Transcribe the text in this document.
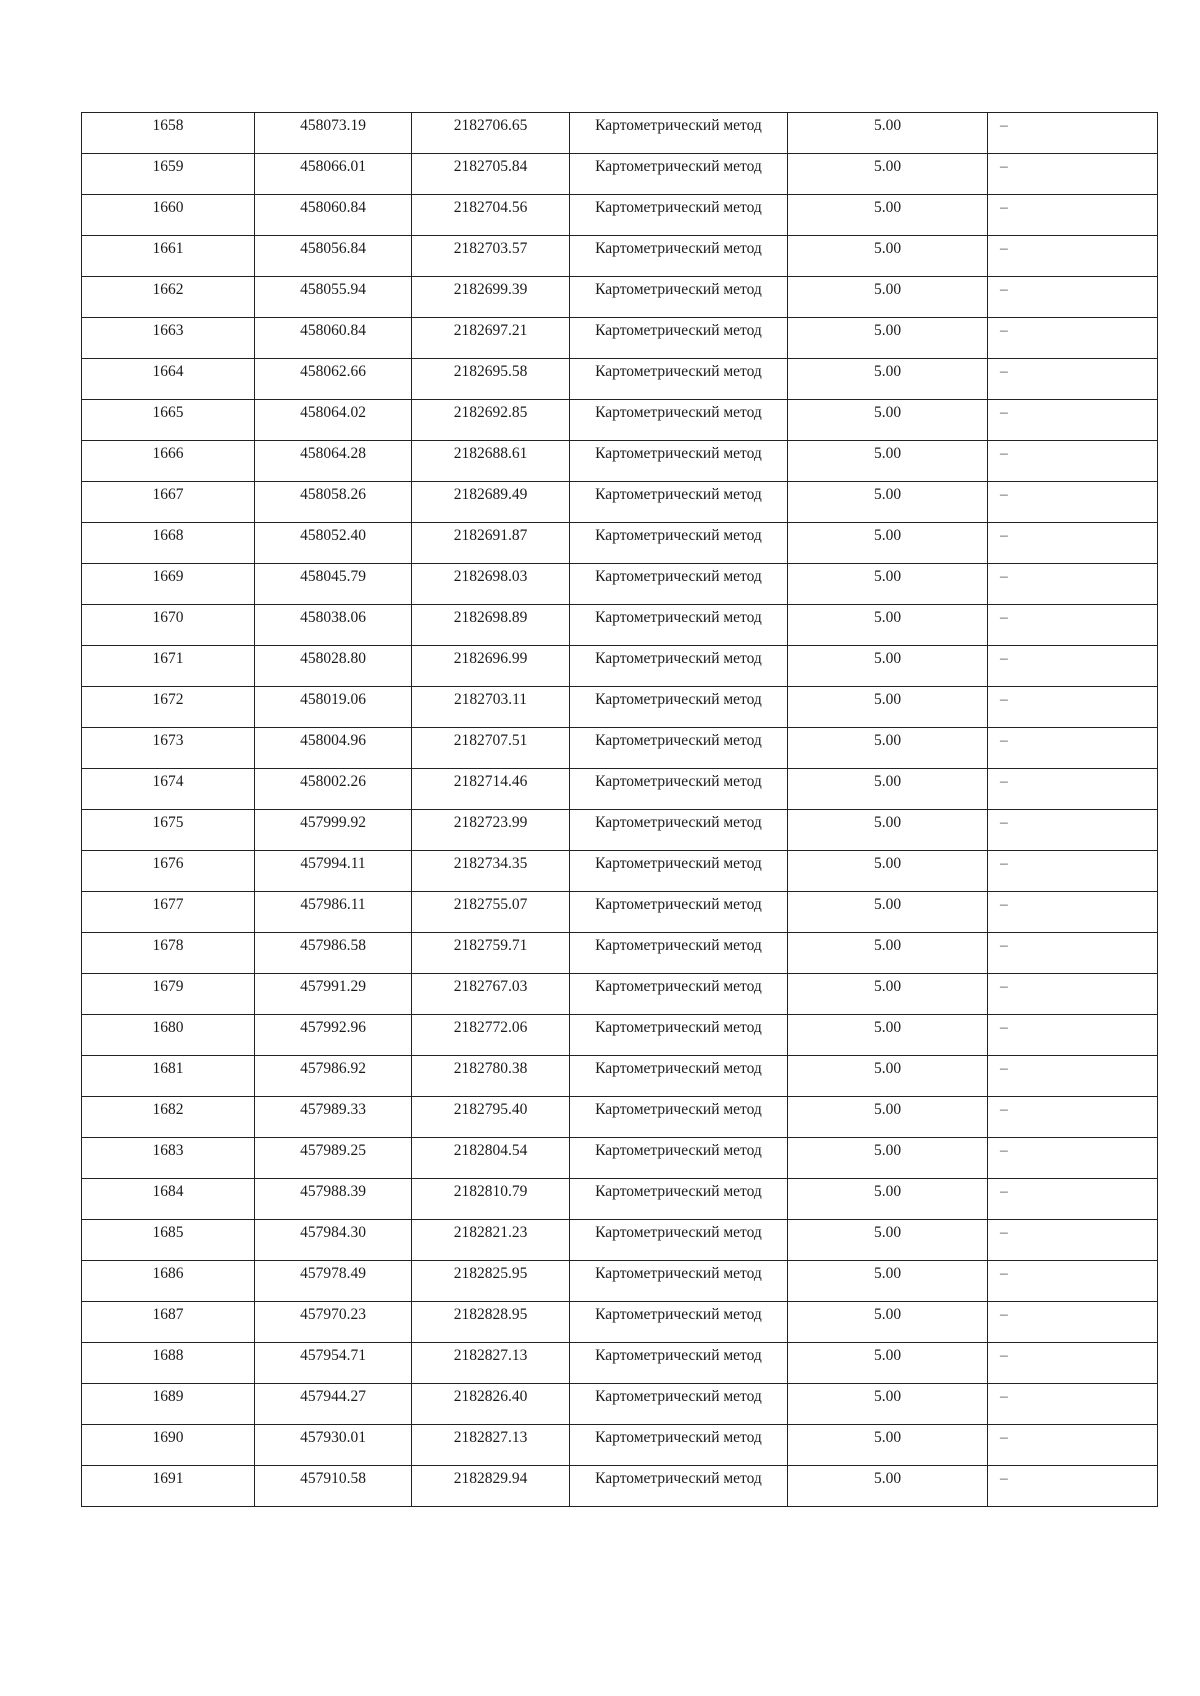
1658	458073.19	2182706.65	Картометрический метод	5.00	–

1659	458066.01	2182705.84	Картометрический метод	5.00	–

1660	458060.84	2182704.56	Картометрический метод	5.00	–

1661	458056.84	2182703.57	Картометрический метод	5.00	–

1662	458055.94	2182699.39	Картометрический метод	5.00	–

1663	458060.84	2182697.21	Картометрический метод	5.00	–

1664	458062.66	2182695.58	Картометрический метод	5.00	–

1665	458064.02	2182692.85	Картометрический метод	5.00	–

1666	458064.28	2182688.61	Картометрический метод	5.00	–

1667	458058.26	2182689.49	Картометрический метод	5.00	–

1668	458052.40	2182691.87	Картометрический метод	5.00	–

1669	458045.79	2182698.03	Картометрический метод	5.00	–

1670	458038.06	2182698.89	Картометрический метод	5.00	–

1671	458028.80	2182696.99	Картометрический метод	5.00	–

1672	458019.06	2182703.11	Картометрический метод	5.00	–

1673	458004.96	2182707.51	Картометрический метод	5.00	–

1674	458002.26	2182714.46	Картометрический метод	5.00	–

1675	457999.92	2182723.99	Картометрический метод	5.00	–

1676	457994.11	2182734.35	Картометрический метод	5.00	–

1677	457986.11	2182755.07	Картометрический метод	5.00	–

1678	457986.58	2182759.71	Картометрический метод	5.00	–

1679	457991.29	2182767.03	Картометрический метод	5.00	–

1680	457992.96	2182772.06	Картометрический метод	5.00	–

1681	457986.92	2182780.38	Картометрический метод	5.00	–

1682	457989.33	2182795.40	Картометрический метод	5.00	–

1683	457989.25	2182804.54	Картометрический метод	5.00	–

1684	457988.39	2182810.79	Картометрический метод	5.00	–

1685	457984.30	2182821.23	Картометрический метод	5.00	–

1686	457978.49	2182825.95	Картометрический метод	5.00	–

1687	457970.23	2182828.95	Картометрический метод	5.00	–

1688	457954.71	2182827.13	Картометрический метод	5.00	–

1689	457944.27	2182826.40	Картометрический метод	5.00	–

1690	457930.01	2182827.13	Картометрический метод	5.00	–

1691	457910.58	2182829.94	Картометрический метод	5.00	–
